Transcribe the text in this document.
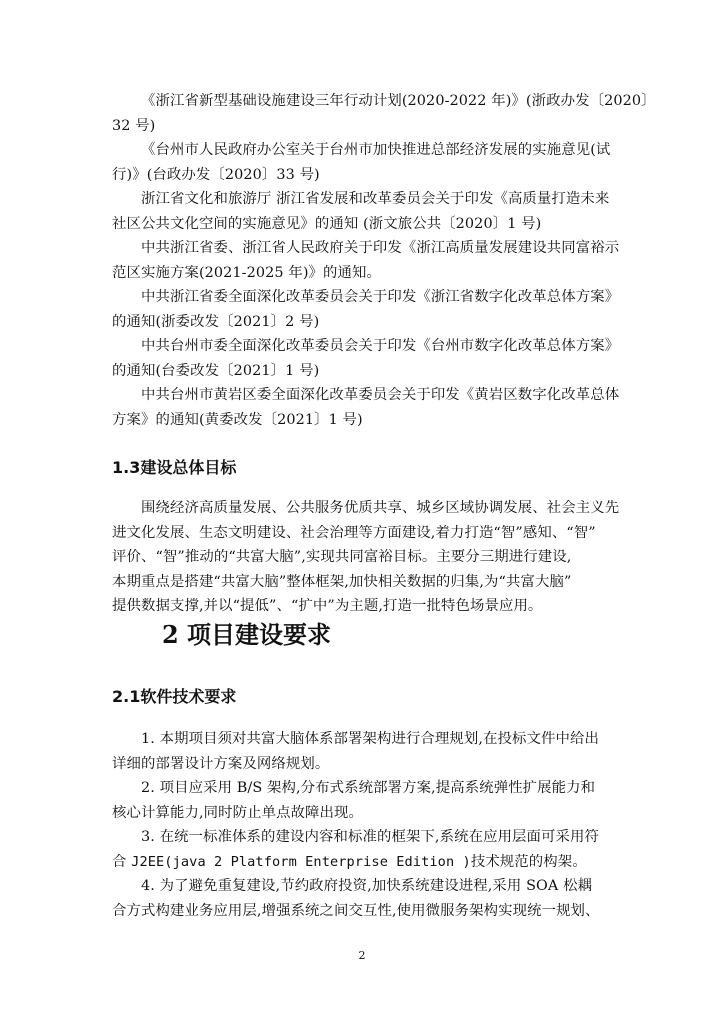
《浙江省新型基础设施建设三年行动计划(2020-2022 年)》(浙政办发〔2020〕
32 号)
《台州市人民政府办公室关于台州市加快推进总部经济发展的实施意见(试
行)》(台政办发〔2020〕33 号)
浙江省文化和旅游厅 浙江省发展和改革委员会关于印发《高质量打造未来
社区公共文化空间的实施意见》的通知 (浙文旅公共〔2020〕1 号)
中共浙江省委、浙江省人民政府关于印发《浙江高质量发展建设共同富裕示
范区实施方案(2021-2025 年)》的通知。
中共浙江省委全面深化改革委员会关于印发《浙江省数字化改革总体方案》
的通知(浙委改发〔2021〕2 号)
中共台州市委全面深化改革委员会关于印发《台州市数字化改革总体方案》
的通知(台委改发〔2021〕1 号)
中共台州市黄岩区委全面深化改革委员会关于印发《黄岩区数字化改革总体
方案》的通知(黄委改发〔2021〕1 号)
1.3建设总体目标
围绕经济高质量发展、公共服务优质共享、城乡区域协调发展、社会主义先
进文化发展、生态文明建设、社会治理等方面建设,着力打造“智”感知、“智”
评价、“智”推动的“共富大脑”,实现共同富裕目标。主要分三期进行建设,
本期重点是搭建“共富大脑”整体框架,加快相关数据的归集,为“共富大脑”
提供数据支撑,并以“提低”、“扩中”为主题,打造一批特色场景应用。
2 项目建设要求
2.1软件技术要求
1. 本期项目须对共富大脑体系部署架构进行合理规划,在投标文件中给出
详细的部署设计方案及网络规划。
2. 项目应采用 B/S 架构,分布式系统部署方案,提高系统弹性扩展能力和
核心计算能力,同时防止单点故障出现。
3. 在统一标准体系的建设内容和标准的框架下,系统在应用层面可采用符
合 J2EE(java 2 Platform Enterprise Edition )技术规范的构架。
4. 为了避免重复建设,节约政府投资,加快系统建设进程,采用 SOA 松耦
合方式构建业务应用层,增强系统之间交互性,使用微服务架构实现统一规划、
2
